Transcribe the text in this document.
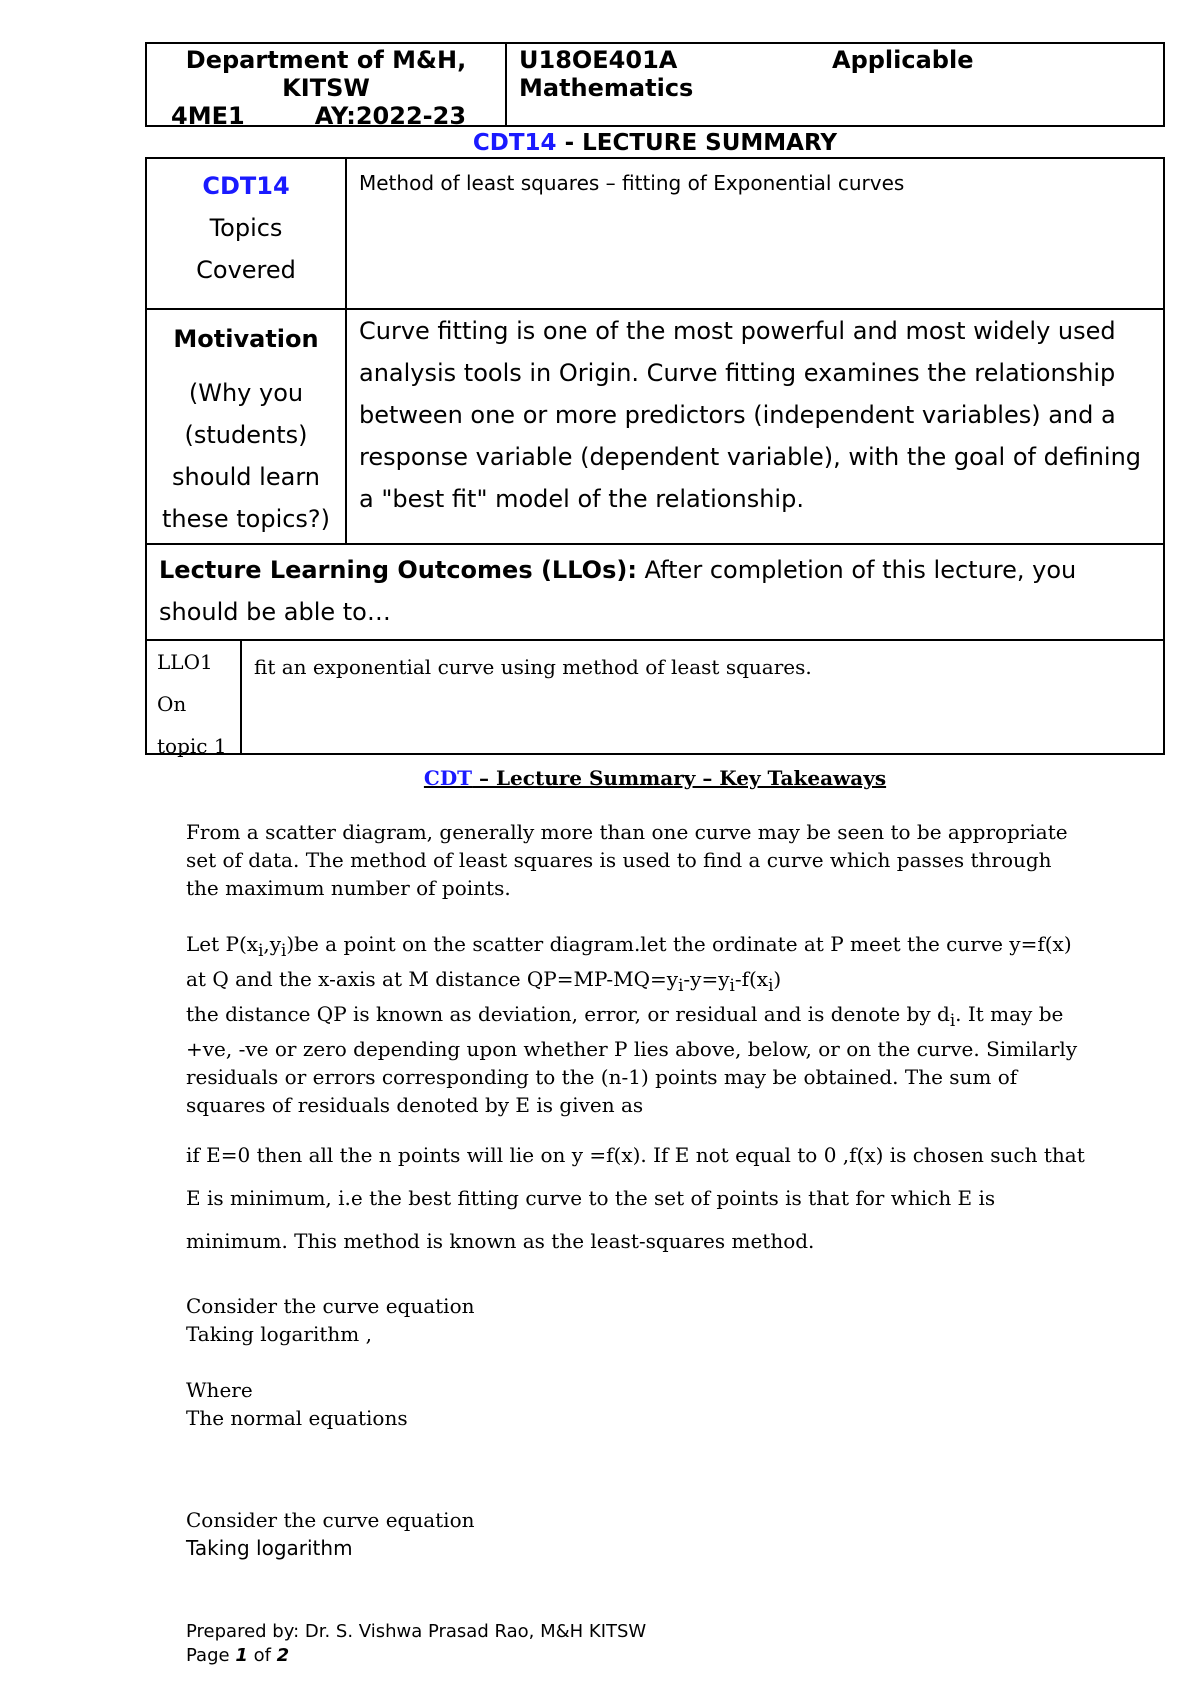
Department of M&H,
KITSW
4ME1	AY:2022-23
U18OE401A	Applicable
Mathematics
CDT14 - LECTURE SUMMARY
CDT14
Topics
Covered
Method of least squares – fitting of Exponential curves
Motivation
(Why you
(students)
should learn
these topics?)
Curve fitting is one of the most powerful and most widely used analysis tools in Origin. Curve fitting examines the relationship between one or more predictors (independent variables) and a response variable (dependent variable), with the goal of defining a "best fit" model of the relationship.
Lecture Learning Outcomes (LLOs): After completion of this lecture, you should be able to…
LLO1
On
topic 1
fit an exponential curve using method of least squares.
CDT – Lecture Summary – Key Takeaways
From a scatter diagram, generally more than one curve may be seen to be appropriate set of data. The method of least squares is used to find a curve which passes through the maximum number of points.
Let $P(x_i,y_i)be$ a point on the scatter diagram.let the ordinate at P meet the curve y=f(x) at Q and the x-axis at M distance $QP=MP-MQ=y_i-y=y_i-f(x_i)$
the distance QP is known as deviation, error, or residual and is denote by $d_i$. It may be +ve, -ve or zero depending upon whether P lies above, below, or on the curve. Similarly residuals or errors corresponding to the (n-1) points may be obtained. The sum of squares of residuals denoted by E is given as
if E=0 then all the n points will lie on y =f(x). If E not equal to 0 ,f(x) is chosen such that E is minimum, i.e the best fitting curve to the set of points is that for which E is minimum. This method is known as the least-squares method.
Consider the curve equation
Taking logarithm ,
Where
The normal equations
Consider the curve equation
Taking logarithm
Prepared by: Dr. S. Vishwa Prasad Rao, M&H KITSW
Page 1 of 2
